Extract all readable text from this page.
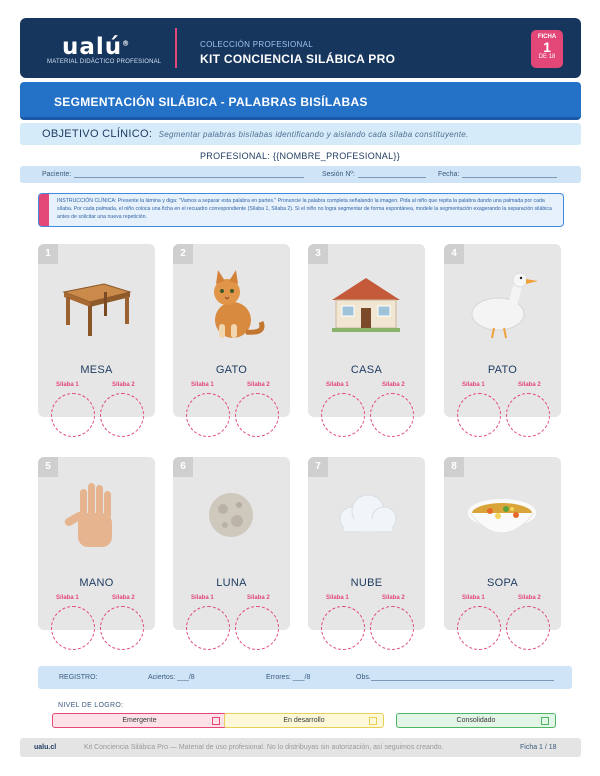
ualú®
MATERIAL DIDÁCTICO PROFESIONAL
COLECCIÓN PROFESIONAL
KIT CONCIENCIA SILÁBICA PRO
FICHA
1
DE 18
SEGMENTACIÓN SILÁBICA - PALABRAS BISÍLABAS
OBJETIVO CLÍNICO: Segmentar palabras bisílabas identificando y aislando cada sílaba constituyente.
PROFESIONAL: {{NOMBRE_PROFESIONAL}}
Paciente:	Sesión Nº:	Fecha:

INSTRUCCIÓN CLÍNICA: Presente la lámina y diga: "Vamos a separar esta palabra en partes." Pronuncie la palabra completa señalando la imagen. Pida al niño que repita la palabra dando una palmada por cada sílaba. Por cada palmada, el niño coloca una ficha en el recuadro correspondiente (Sílaba 1, Sílaba 2). Si el niño no logra segmentar de forma espontánea, modele la segmentación exagerando la separación silábica antes de solicitar una nueva repetición.

1
MESA
Sílaba 1	Sílaba 2
2
GATO
Sílaba 1	Sílaba 2
3
CASA
Sílaba 1	Sílaba 2
4
PATO
Sílaba 1	Sílaba 2
5
MANO
Sílaba 1	Sílaba 2
6
LUNA
Sílaba 1	Sílaba 2
7
NUBE
Sílaba 1	Sílaba 2
8
SOPA
Sílaba 1	Sílaba 2
REGISTRO:	Aciertos: ___/8	Errores: ___/8	Obs.
NIVEL DE LOGRO:
Emergente	En desarrollo	Consolidado
ualu.cl	Kit Conciencia Silábica Pro — Material de uso profesional. No lo distribuyas sin autorización, así seguimos creando.	Ficha 1 / 18
